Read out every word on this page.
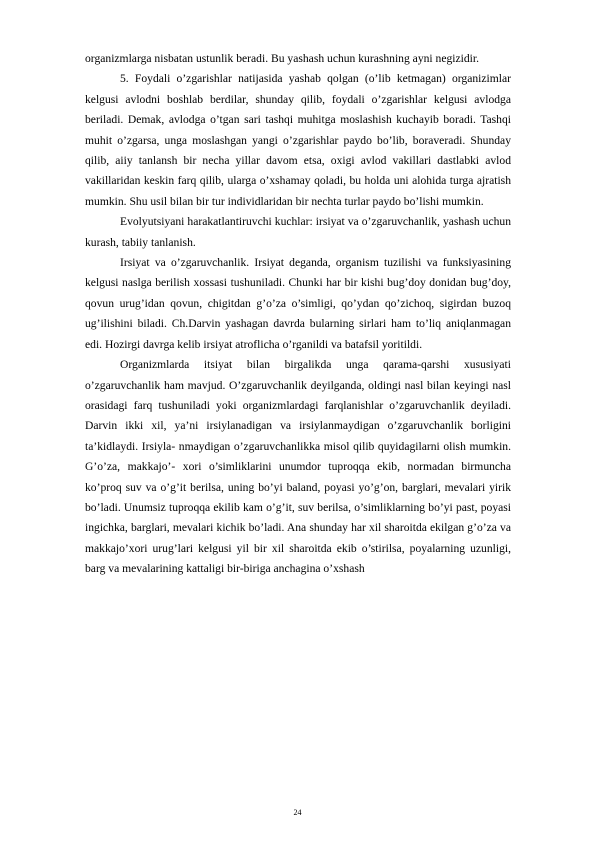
organizmlarga nisbatan ustunlik beradi. Bu yashash uchun kurashning ayni negizidir.

5. Foydali o’zgarishlar natijasida yashab qolgan (o’lib ketmagan) organizimlar kelgusi avlodni boshlab berdilar, shunday qilib, foydali o’zgarishlar kelgusi avlodga beriladi. Demak, avlodga o’tgan sari tashqi muhitga moslashish kuchayib boradi. Tashqi muhit o’zgarsa, unga moslashgan yangi o’zgarishlar paydo bo’lib, boraveradi. Shunday qilib, aiiy tanlansh bir necha yillar davom etsa, oxigi avlod vakillari dastlabki avlod vakillaridan keskin farq qilib, ularga o’xshamay qoladi, bu holda uni alohida turga ajratish mumkin. Shu usil bilan bir tur individlaridan bir nechta turlar paydo bo’lishi mumkin.

Evolyutsiyani harakatlantiruvchi kuchlar: irsiyat va o’zgaruvchanlik, yashash uchun kurash, tabiiy tanlanish.

Irsiyat va o’zgaruvchanlik. Irsiyat deganda, organism tuzilishi va funksiyasining kelgusi naslga berilish xossasi tushuniladi. Chunki har bir kishi bug’doy donidan bug’doy, qovun urug’idan qovun, chigitdan g’o’za o’simligi, qo’ydan qo’zichoq, sigirdan buzoq ug’ilishini biladi. Ch.Darvin yashagan davrda bularning sirlari ham to’liq aniqlanmagan edi. Hozirgi davrga kelib irsiyat atroflicha o’rganildi va batafsil yoritildi.

Organizmlarda itsiyat bilan birgalikda unga qarama-qarshi xususiyati o’zgaruvchanlik ham mavjud. O’zgaruvchanlik deyilganda, oldingi nasl bilan keyingi nasl orasidagi farq tushuniladi yoki organizmlardagi farqlanishlar o’zgaruvchanlik deyiladi. Darvin ikki xil, ya’ni irsiylanadigan va irsiylanmaydigan o’zgaruvchanlik borligini ta’kidlaydi. Irsiyla- nmaydigan o’zgaruvchanlikka misol qilib quyidagilarni olish mumkin. G’o’za, makkajo’- xori o’simliklarini unumdor tuproqqa ekib, normadan birmuncha ko’proq suv va o’g’it berilsa, uning bo’yi baland, poyasi yo’g’on, barglari, mevalari yirik bo’ladi. Unumsiz tuproqqa ekilib kam o’g’it, suv berilsa, o’simliklarning bo’yi past, poyasi ingichka, barglari, mevalari kichik bo’ladi. Ana shunday har xil sharoitda ekilgan g’o’za va makkajo’xori urug’lari kelgusi yil bir xil sharoitda ekib o’stirilsa, poyalarning uzunligi, barg va mevalarining kattaligi bir-biriga anchagina o’xshash

24
